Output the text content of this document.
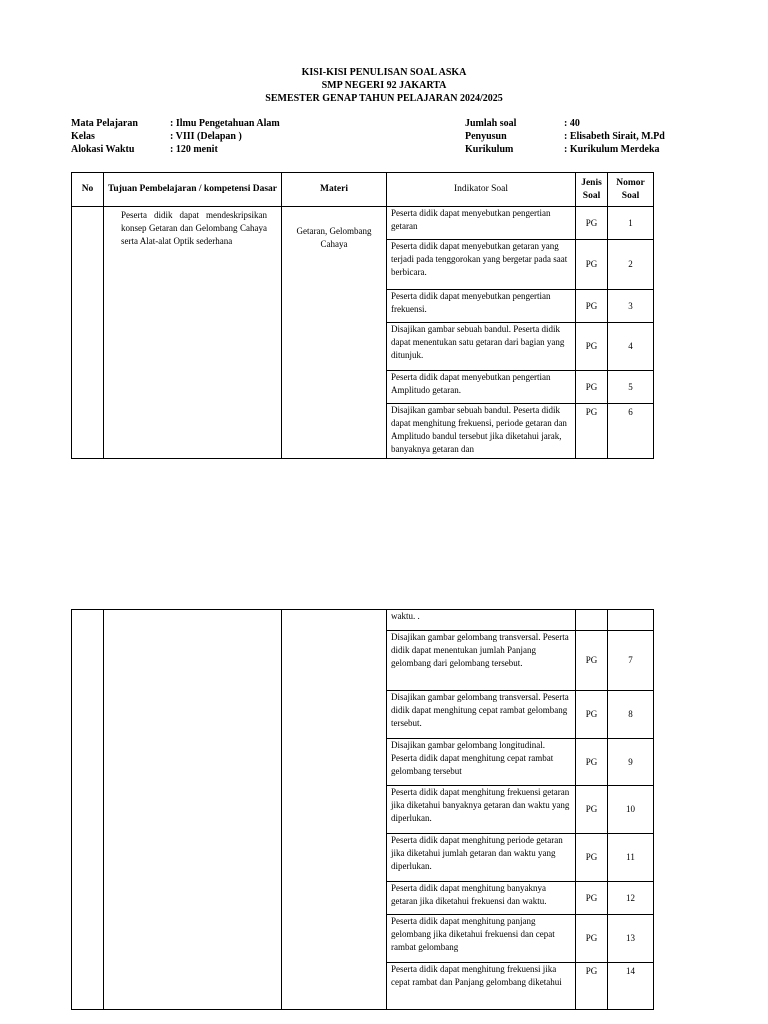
KISI-KISI PENULISAN SOAL ASKA
SMP NEGERI 92 JAKARTA
SEMESTER GENAP TAHUN PELAJARAN 2024/2025
Mata Pelajaran	: Ilmu Pengetahuan Alam
Kelas	: VIII (Delapan )
Alokasi Waktu	: 120 menit
Jumlah soal	: 40
Penyusun	: Elisabeth Sirait, M.Pd
Kurikulum	: Kurikulum Merdeka
No	Tujuan Pembelajaran / kompetensi Dasar	Materi	Indikator Soal	Jenis Soal	Nomor Soal
	Peserta didik dapat mendeskripsikan konsep Getaran dan Gelombang Cahaya serta Alat-alat Optik sederhana	Getaran, Gelombang Cahaya	Peserta didik dapat menyebutkan pengertian getaran	PG	1
			Peserta didik dapat menyebutkan getaran yang terjadi pada tenggorokan yang bergetar pada saat berbicara.	PG	2
			Peserta didik dapat menyebutkan pengertian frekuensi.	PG	3
			Disajikan gambar sebuah bandul. Peserta didik dapat menentukan satu getaran dari bagian yang ditunjuk.	PG	4
			Peserta didik dapat menyebutkan pengertian Amplitudo getaran.	PG	5
			Disajikan gambar sebuah bandul. Peserta didik dapat menghitung frekuensi, periode getaran dan Amplitudo bandul tersebut jika diketahui jarak, banyaknya getaran dan	PG	6
			waktu. .		
			Disajikan gambar gelombang transversal. Peserta didik dapat menentukan jumlah Panjang gelombang dari gelombang tersebut.	PG	7
			Disajikan gambar gelombang transversal. Peserta didik dapat menghitung cepat rambat gelombang tersebut.	PG	8
			Disajikan gambar gelombang longitudinal. Peserta didik dapat menghitung cepat rambat gelombang tersebut	PG	9
			Peserta didik dapat menghitung frekuensi getaran jika diketahui banyaknya getaran dan waktu yang diperlukan.	PG	10
			Peserta didik dapat menghitung periode getaran jika diketahui jumlah getaran dan waktu yang diperlukan.	PG	11
			Peserta didik dapat menghitung banyaknya getaran jika diketahui frekuensi dan waktu.	PG	12
			Peserta didik dapat menghitung panjang gelombang jika diketahui frekuensi dan cepat rambat gelombang	PG	13
			Peserta didik dapat menghitung frekuensi jika cepat rambat dan Panjang gelombang diketahui	PG	14
